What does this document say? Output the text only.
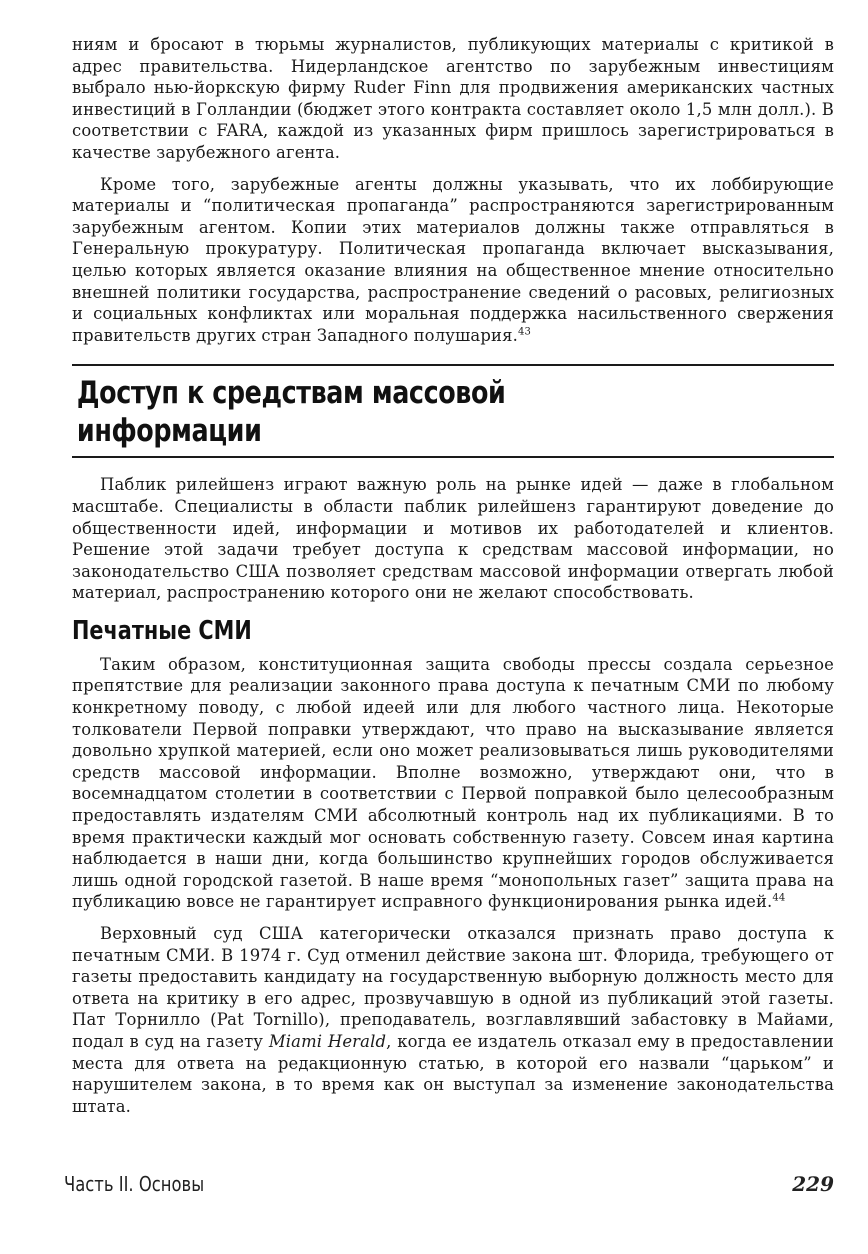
ниям и бросают в тюрьмы журналистов, публикующих материалы с критикой в адрес правительства. Нидерландское агентство по зарубежным инвестициям выбрало нью-йоркскую фирму Ruder Finn для продвижения американских частных инвестиций в Голландии (бюджет этого контракта составляет около 1,5 млн долл.). В соответствии с FARA, каждой из указанных фирм пришлось зарегистрироваться в качестве зарубежного агента.

Кроме того, зарубежные агенты должны указывать, что их лоббирующие материалы и “политическая пропаганда” распространяются зарегистрированным зарубежным агентом. Копии этих материалов должны также отправляться в Генеральную прокуратуру. Политическая пропаганда включает высказывания, целью которых является оказание влияния на общественное мнение относительно внешней политики государства, распространение сведений о расовых, религиозных и социальных конфликтах или моральная поддержка насильственного свержения правительств других стран Западного полушария.$^{43}$

Доступ к средствам массовой информации

Паблик рилейшенз играют важную роль на рынке идей — даже в глобальном масштабе. Специалисты в области паблик рилейшенз гарантируют доведение до общественности идей, информации и мотивов их работодателей и клиентов. Решение этой задачи требует доступа к средствам массовой информации, но законодательство США позволяет средствам массовой информации отвергать любой материал, распространению которого они не желают способствовать.

Печатные СМИ

Таким образом, конституционная защита свободы прессы создала серьезное препятствие для реализации законного права доступа к печатным СМИ по любому конкретному поводу, с любой идеей или для любого частного лица. Некоторые толкователи Первой поправки утверждают, что право на высказывание является довольно хрупкой материей, если оно может реализовываться лишь руководителями средств массовой информации. Вполне возможно, утверждают они, что в восемнадцатом столетии в соответствии с Первой поправкой было целесообразным предоставлять издателям СМИ абсолютный контроль над их публикациями. В то время практически каждый мог основать собственную газету. Совсем иная картина наблюдается в наши дни, когда большинство крупнейших городов обслуживается лишь одной городской газетой. В наше время “монопольных газет” защита права на публикацию вовсе не гарантирует исправного функционирования рынка идей.$^{44}$

Верховный суд США категорически отказался признать право доступа к печатным СМИ. В 1974 г. Суд отменил действие закона шт. Флорида, требующего от газеты предоставить кандидату на государственную выборную должность место для ответа на критику в его адрес, прозвучавшую в одной из публикаций этой газеты. Пат Торнилло (Pat Tornillo), преподаватель, возглавлявший забастовку в Майами, подал в суд на газету Miami Herald, когда ее издатель отказал ему в предоставлении места для ответа на редакционную статью, в которой его назвали “царьком” и нарушителем закона, в то время как он выступал за изменение законодательства штата.

Часть II. Основы	229
